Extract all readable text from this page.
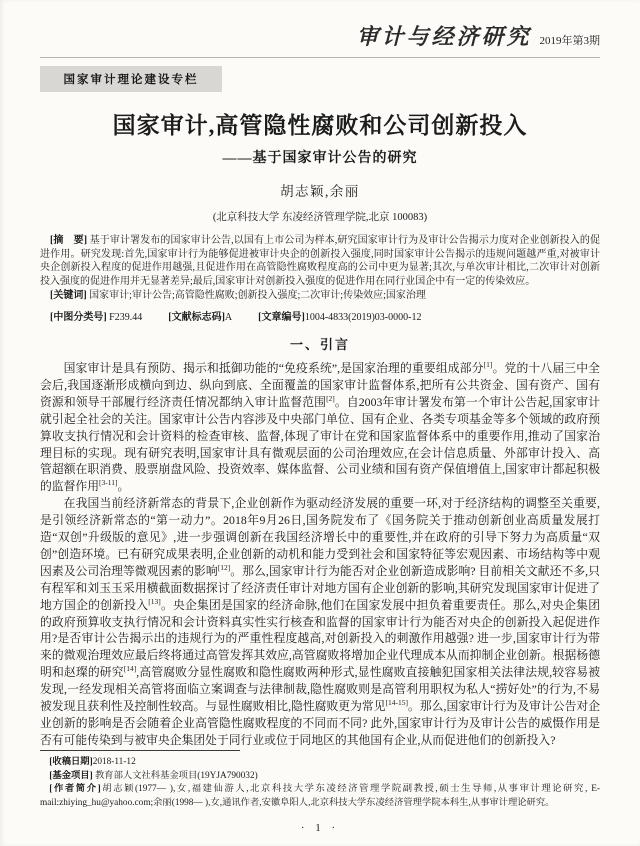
审计与经济研究 2019年第3期
国家审计理论建设专栏
国家审计,高管隐性腐败和公司创新投入
——基于国家审计公告的研究
胡志颖,余丽
(北京科技大学 东凌经济管理学院,北京 100083)
[摘　要] 基于审计署发布的国家审计公告,以国有上市公司为样本,研究国家审计行为及审计公告揭示力度对企业创新投入的促进作用。研究发现:首先,国家审计行为能够促进被审计央企的创新投入强度,同时国家审计公告揭示的违规问题越严重,对被审计央企创新投入程度的促进作用越强,且促进作用在高管隐性腐败程度高的公司中更为显著;其次,与单次审计相比,二次审计对创新投入强度的促进作用并无显著差异;最后,国家审计对创新投入强度的促进作用在同行业国企中有一定的传染效应。
[关键词] 国家审计;审计公告;高管隐性腐败;创新投入强度;二次审计;传染效应;国家治理
[中图分类号] F239.44	[文献标志码]A	[文章编号]1004-4833(2019)03-0000-12
一、引言

国家审计是具有预防、揭示和抵御功能的“免疫系统”,是国家治理的重要组成部分[1]。党的十八届三中全会后,我国逐渐形成横向到边、纵向到底、全面覆盖的国家审计监督体系,把所有公共资金、国有资产、国有资源和领导干部履行经济责任情况都纳入审计监督范围[2]。自2003年审计署发布第一个审计公告起,国家审计就引起全社会的关注。国家审计公告内容涉及中央部门单位、国有企业、各类专项基金等多个领域的政府预算收支执行情况和会计资料的检查审核、监督,体现了审计在党和国家监督体系中的重要作用,推动了国家治理目标的实现。现有研究表明,国家审计具有微观层面的公司治理效应,在会计信息质量、外部审计投入、高管超额在职消费、股票崩盘风险、投资效率、媒体监督、公司业绩和国有资产保值增值上,国家审计都起积极的监督作用[3-11]。

在我国当前经济新常态的背景下,企业创新作为驱动经济发展的重要一环,对于经济结构的调整至关重要,是引领经济新常态的“第一动力”。2018年9月26日,国务院发布了《国务院关于推动创新创业高质量发展打造“双创”升级版的意见》,进一步强调创新在我国经济增长中的重要性,并在政府的引导下努力为高质量“双创”创造环境。已有研究成果表明,企业创新的动机和能力受到社会和国家特征等宏观因素、市场结构等中观因素及公司治理等微观因素的影响[12]。那么,国家审计行为能否对企业创新造成影响? 目前相关文献还不多,只有程军和刘玉玉采用横截面数据探讨了经济责任审计对地方国有企业创新的影响,其研究发现国家审计促进了地方国企的创新投入[13]。央企集团是国家的经济命脉,他们在国家发展中担负着重要责任。那么,对央企集团的政府预算收支执行情况和会计资料真实性实行核查和监督的国家审计行为能否对央企的创新投入起促进作用?是否审计公告揭示出的违规行为的严重性程度越高,对创新投入的刺激作用越强? 进一步,国家审计行为带来的微观治理效应最后终将通过高管发挥其效应,高管腐败将增加企业代理成本从而抑制企业创新。根据杨德明和赵璨的研究[14],高管腐败分显性腐败和隐性腐败两种形式,显性腐败直接触犯国家相关法律法规,较容易被发现,一经发现相关高管将面临立案调查与法律制裁,隐性腐败则是高管利用职权为私人“捞好处”的行为,不易被发现且获利性及控制性较高。与显性腐败相比,隐性腐败更为常见[14-15]。那么,国家审计行为及审计公告对企业创新的影响是否会随着企业高管隐性腐败程度的不同而不同? 此外,国家审计行为及审计公告的威慑作用是否有可能传染到与被审央企集团处于同行业或位于同地区的其他国有企业,从而促进他们的创新投入?

[收稿日期]2018-11-12
[基金项目] 教育部人文社科基金项目(19YJA790032)
[作者简介]胡志颖(1977— ),女,福建仙游人,北京科技大学东凌经济管理学院副教授,硕士生导师,从事审计理论研究, E-mail:zhiying_hu@yahoo.com;余丽(1998— ),女,通讯作者,安徽阜阳人,北京科技大学东凌经济管理学院本科生,从事审计理论研究。
· 1 ·
